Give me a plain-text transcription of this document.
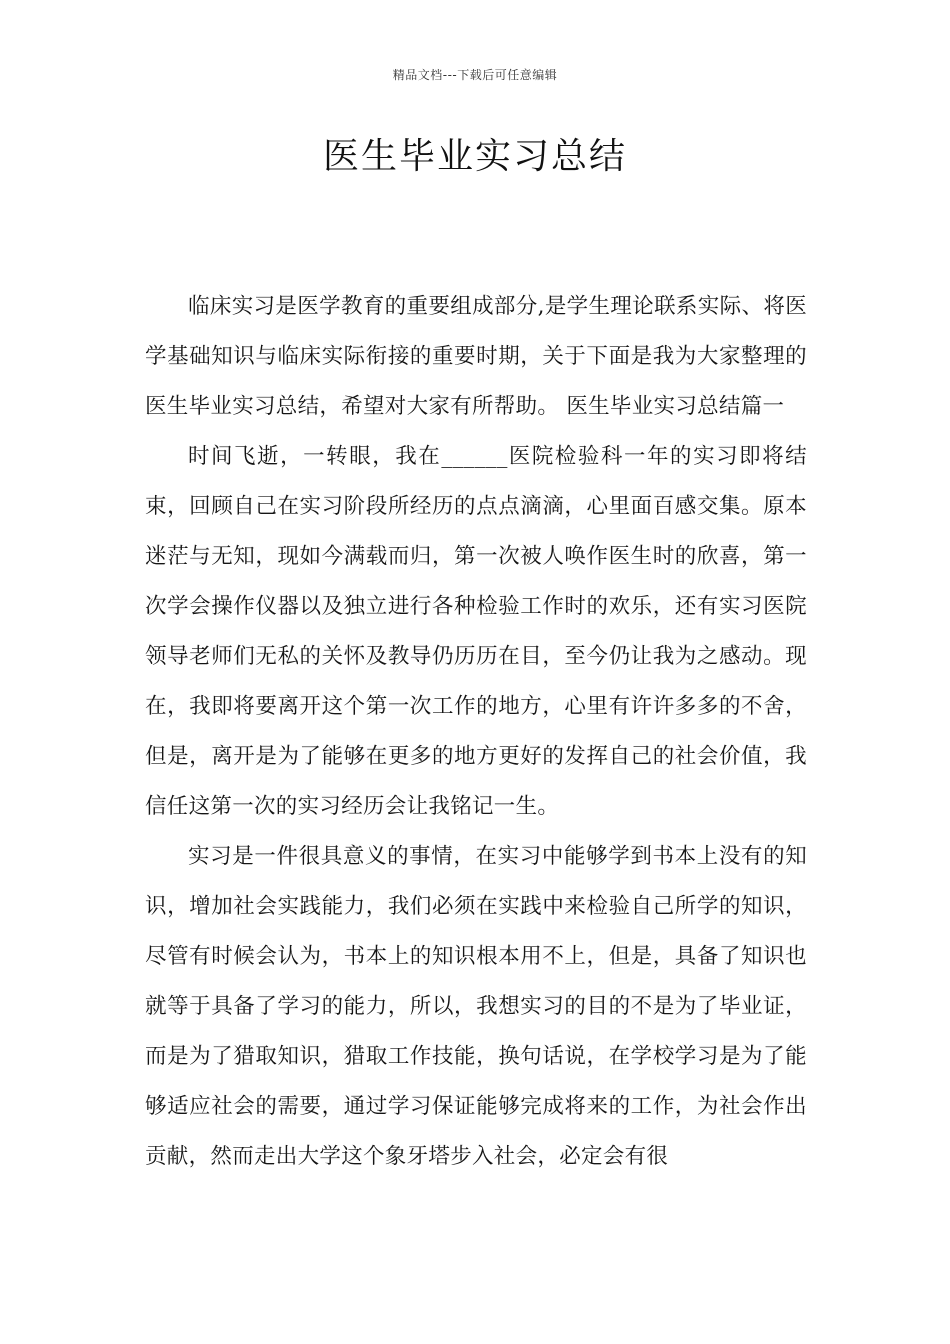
精品文档---下载后可任意编辑
医生毕业实习总结

临床实习是医学教育的重要组成部分,是学生理论联系实际、将医学基础知识与临床实际衔接的重要时期，关于下面是我为大家整理的医生毕业实习总结，希望对大家有所帮助。 医生毕业实习总结篇一

时间飞逝，一转眼，我在______医院检验科一年的实习即将结束，回顾自己在实习阶段所经历的点点滴滴，心里面百感交集。原本迷茫与无知，现如今满载而归，第一次被人唤作医生时的欣喜，第一次学会操作仪器以及独立进行各种检验工作时的欢乐，还有实习医院领导老师们无私的关怀及教导仍历历在目，至今仍让我为之感动。现在，我即将要离开这个第一次工作的地方，心里有许许多多的不舍，但是，离开是为了能够在更多的地方更好的发挥自己的社会价值，我信任这第一次的实习经历会让我铭记一生。

实习是一件很具意义的事情，在实习中能够学到书本上没有的知识，增加社会实践能力，我们必须在实践中来检验自己所学的知识，尽管有时候会认为，书本上的知识根本用不上，但是，具备了知识也就等于具备了学习的能力，所以，我想实习的目的不是为了毕业证，而是为了猎取知识，猎取工作技能，换句话说，在学校学习是为了能够适应社会的需要，通过学习保证能够完成将来的工作，为社会作出贡献，然而走出大学这个象牙塔步入社会，必定会有很
